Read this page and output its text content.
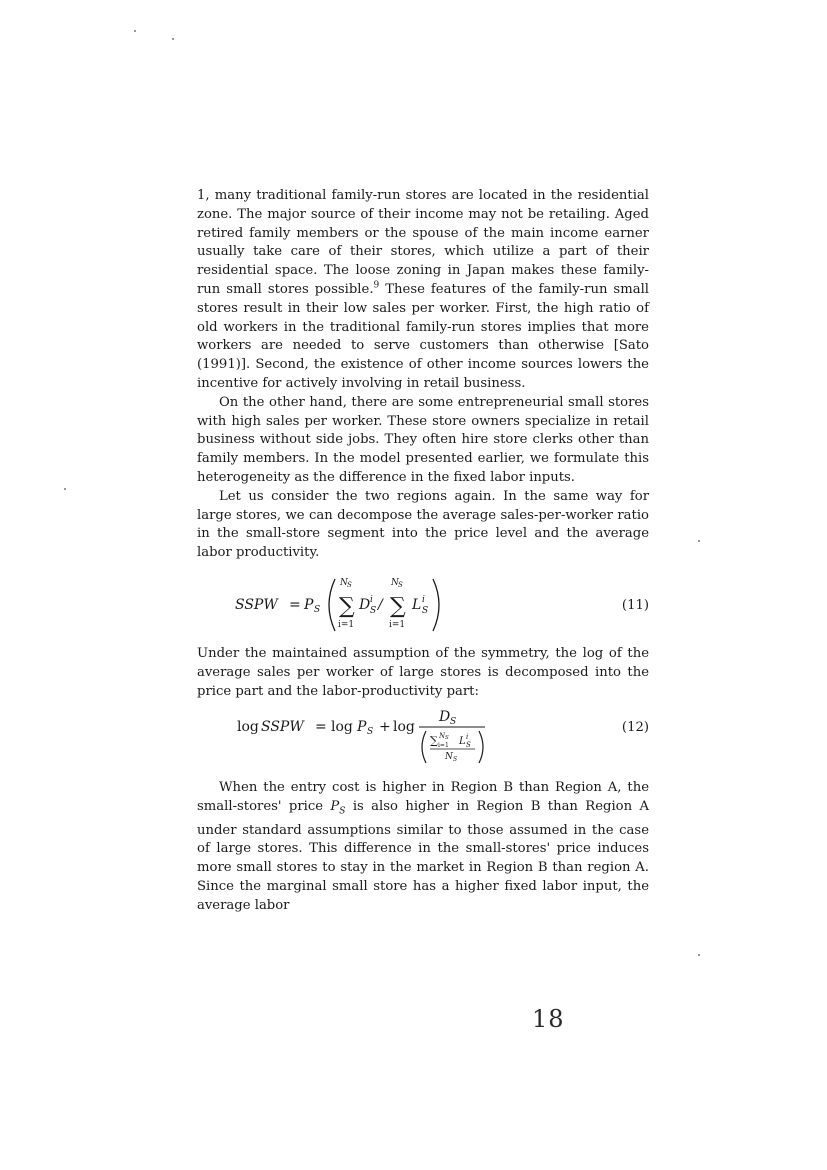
1, many traditional family-run stores are located in the residential zone. The major source of their income may not be retailing. Aged retired family members or the spouse of the main income earner usually take care of their stores, which utilize a part of their residential space. The loose zoning in Japan makes these family-run small stores possible.$^9$ These features of the family-run small stores result in their low sales per worker. First, the high ratio of old workers in the traditional family-run stores implies that more workers are needed to serve customers than otherwise [Sato (1991)]. Second, the existence of other income sources lowers the incentive for actively involving in retail business.

On the other hand, there are some entrepreneurial small stores with high sales per worker. These store owners specialize in retail business without side jobs. They often hire store clerks other than family members. In the model presented earlier, we formulate this heterogeneity as the difference in the fixed labor inputs.

Let us consider the two regions again. In the same way for large stores, we can decompose the average sales-per-worker ratio in the small-store segment into the price level and the average labor productivity.

SSPW = P S
N S
∑
i=1
D i
S /
N S
∑
i=1
L i
S	(11)

Under the maintained assumption of the symmetry, the log of the average sales per worker of large stores is decomposed into the price part and the labor-productivity part:

log SSPW = log P S + log
D S
∑ N S
i=1 L i
S
N S
(12)

When the entry cost is higher in Region B than Region A, the small-stores' price $P_S$ is also higher in Region B than Region A under standard assumptions similar to those assumed in the case of large stores. This difference in the small-stores' price induces more small stores to stay in the market in Region B than region A. Since the marginal small store has a higher fixed labor input, the average labor

18
